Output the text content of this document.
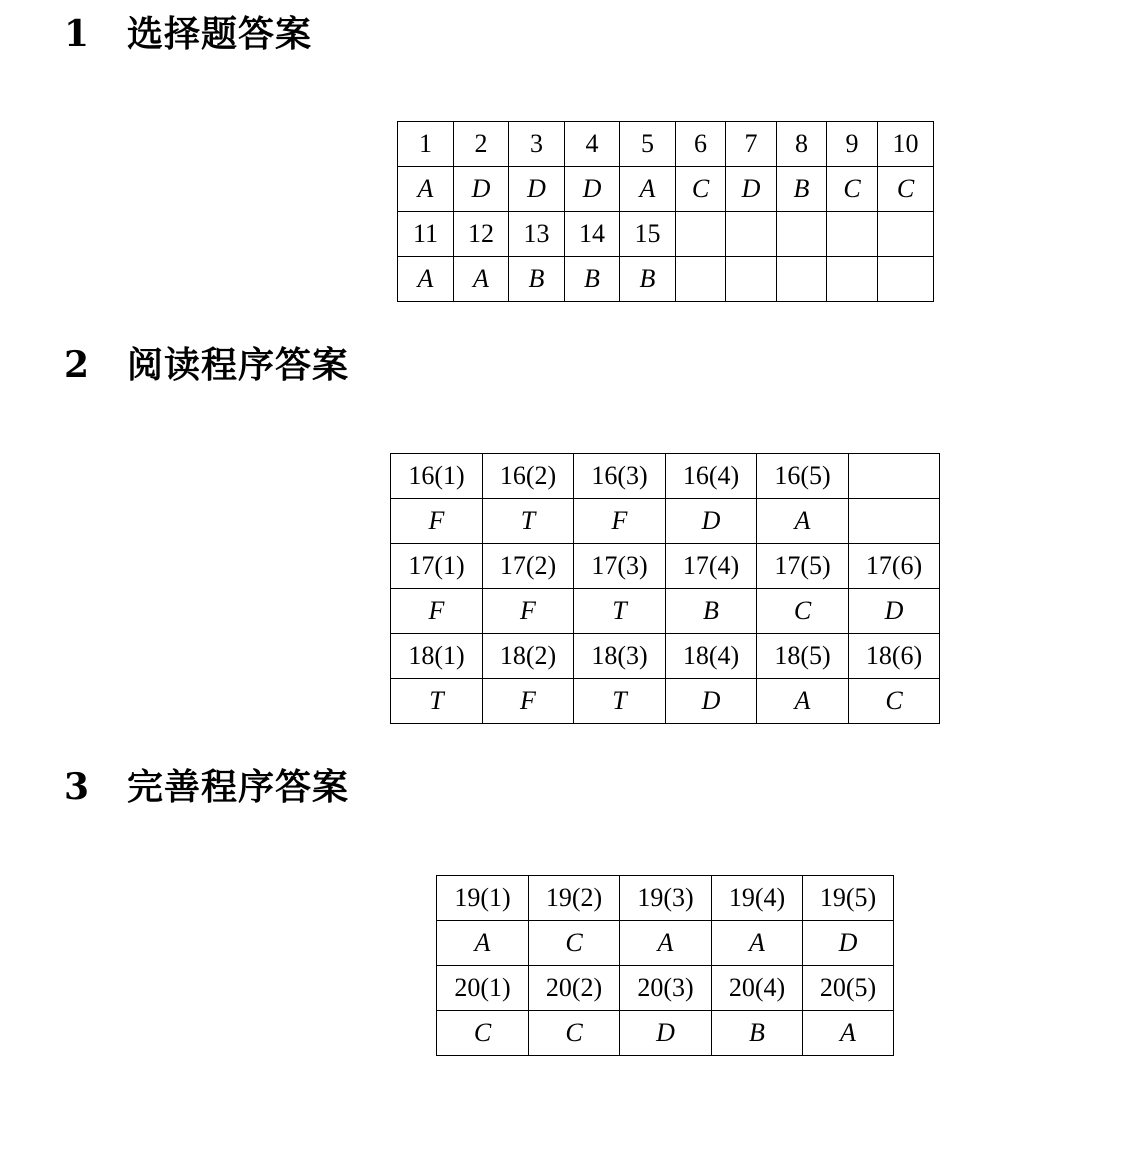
1 选择题答案
1	2	3	4	5	6	7	8	9	10
A	D	D	D	A	C	D	B	C	C
11	12	13	14	15					
A	A	B	B	B					
2 阅读程序答案
16(1)	16(2)	16(3)	16(4)	16(5)	
F	T	F	D	A	
17(1)	17(2)	17(3)	17(4)	17(5)	17(6)
F	F	T	B	C	D
18(1)	18(2)	18(3)	18(4)	18(5)	18(6)
T	F	T	D	A	C
3 完善程序答案
19(1)	19(2)	19(3)	19(4)	19(5)
A	C	A	A	D
20(1)	20(2)	20(3)	20(4)	20(5)
C	C	D	B	A
